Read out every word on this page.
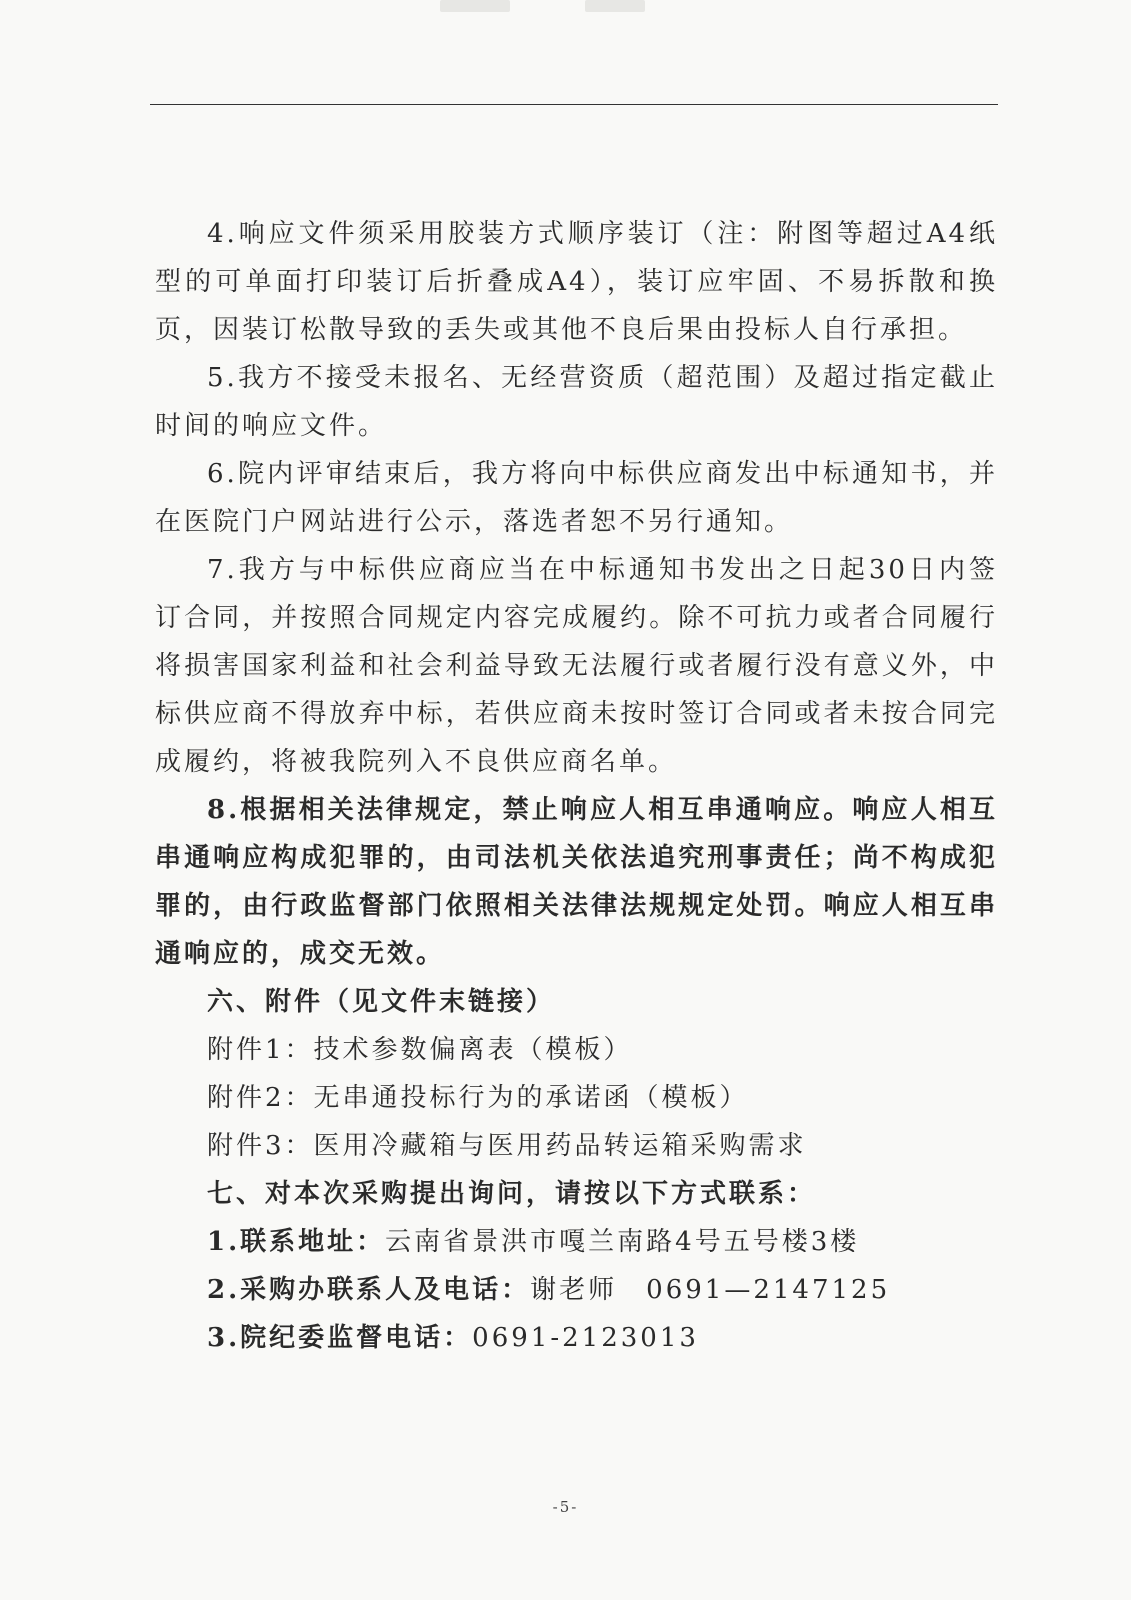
4.响应文件须采用胶装方式顺序装订（注：附图等超过A4纸型的可单面打印装订后折叠成A4），装订应牢固、不易拆散和换页，因装订松散导致的丢失或其他不良后果由投标人自行承担。

5.我方不接受未报名、无经营资质（超范围）及超过指定截止时间的响应文件。

6.院内评审结束后，我方将向中标供应商发出中标通知书，并在医院门户网站进行公示，落选者恕不另行通知。

7.我方与中标供应商应当在中标通知书发出之日起30日内签订合同，并按照合同规定内容完成履约。除不可抗力或者合同履行将损害国家利益和社会利益导致无法履行或者履行没有意义外，中标供应商不得放弃中标，若供应商未按时签订合同或者未按合同完成履约，将被我院列入不良供应商名单。

8.根据相关法律规定，禁止响应人相互串通响应。响应人相互串通响应构成犯罪的，由司法机关依法追究刑事责任；尚不构成犯罪的，由行政监督部门依照相关法律法规规定处罚。响应人相互串通响应的，成交无效。

六、附件（见文件末链接）

附件1：技术参数偏离表（模板）

附件2：无串通投标行为的承诺函（模板）

附件3：医用冷藏箱与医用药品转运箱采购需求

七、对本次采购提出询问，请按以下方式联系：

1.联系地址：云南省景洪市嘎兰南路4号五号楼3楼

2.采购办联系人及电话：谢老师　0691—2147125

3.院纪委监督电话：0691-2123013

-5-
